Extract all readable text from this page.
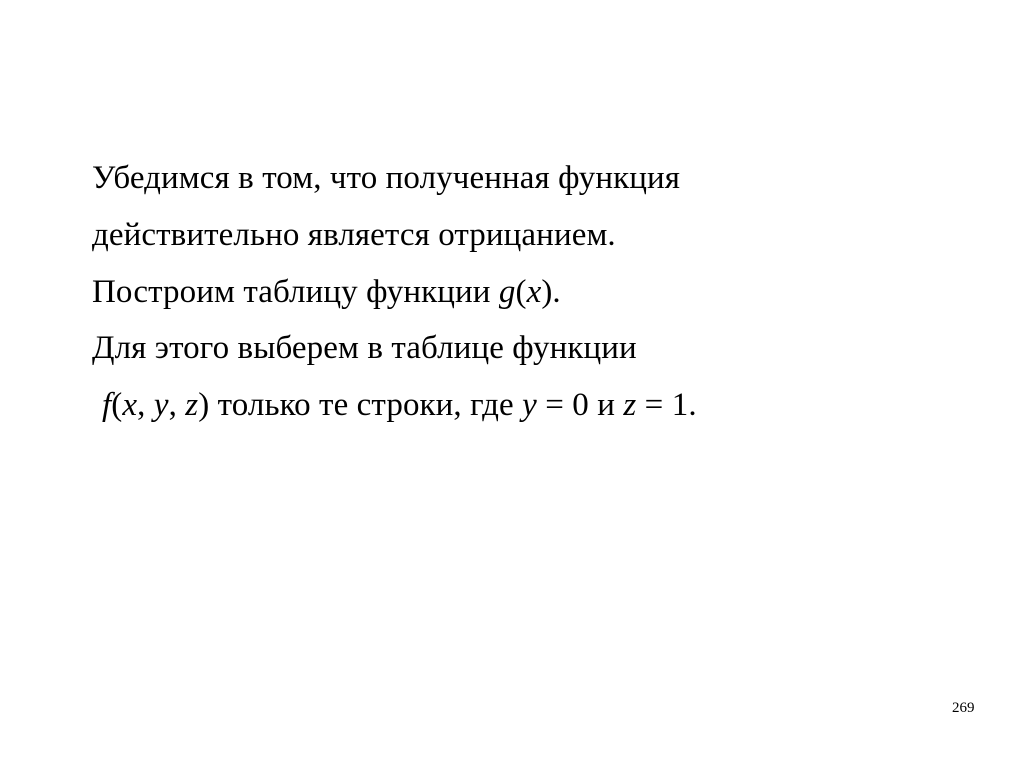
Убедимся в том, что полученная функция
действительно является отрицанием.
Построим таблицу функции g(x).
Для этого выберем в таблице функции
f(x, y, z) только те строки, где y = 0 и z = 1.
269
